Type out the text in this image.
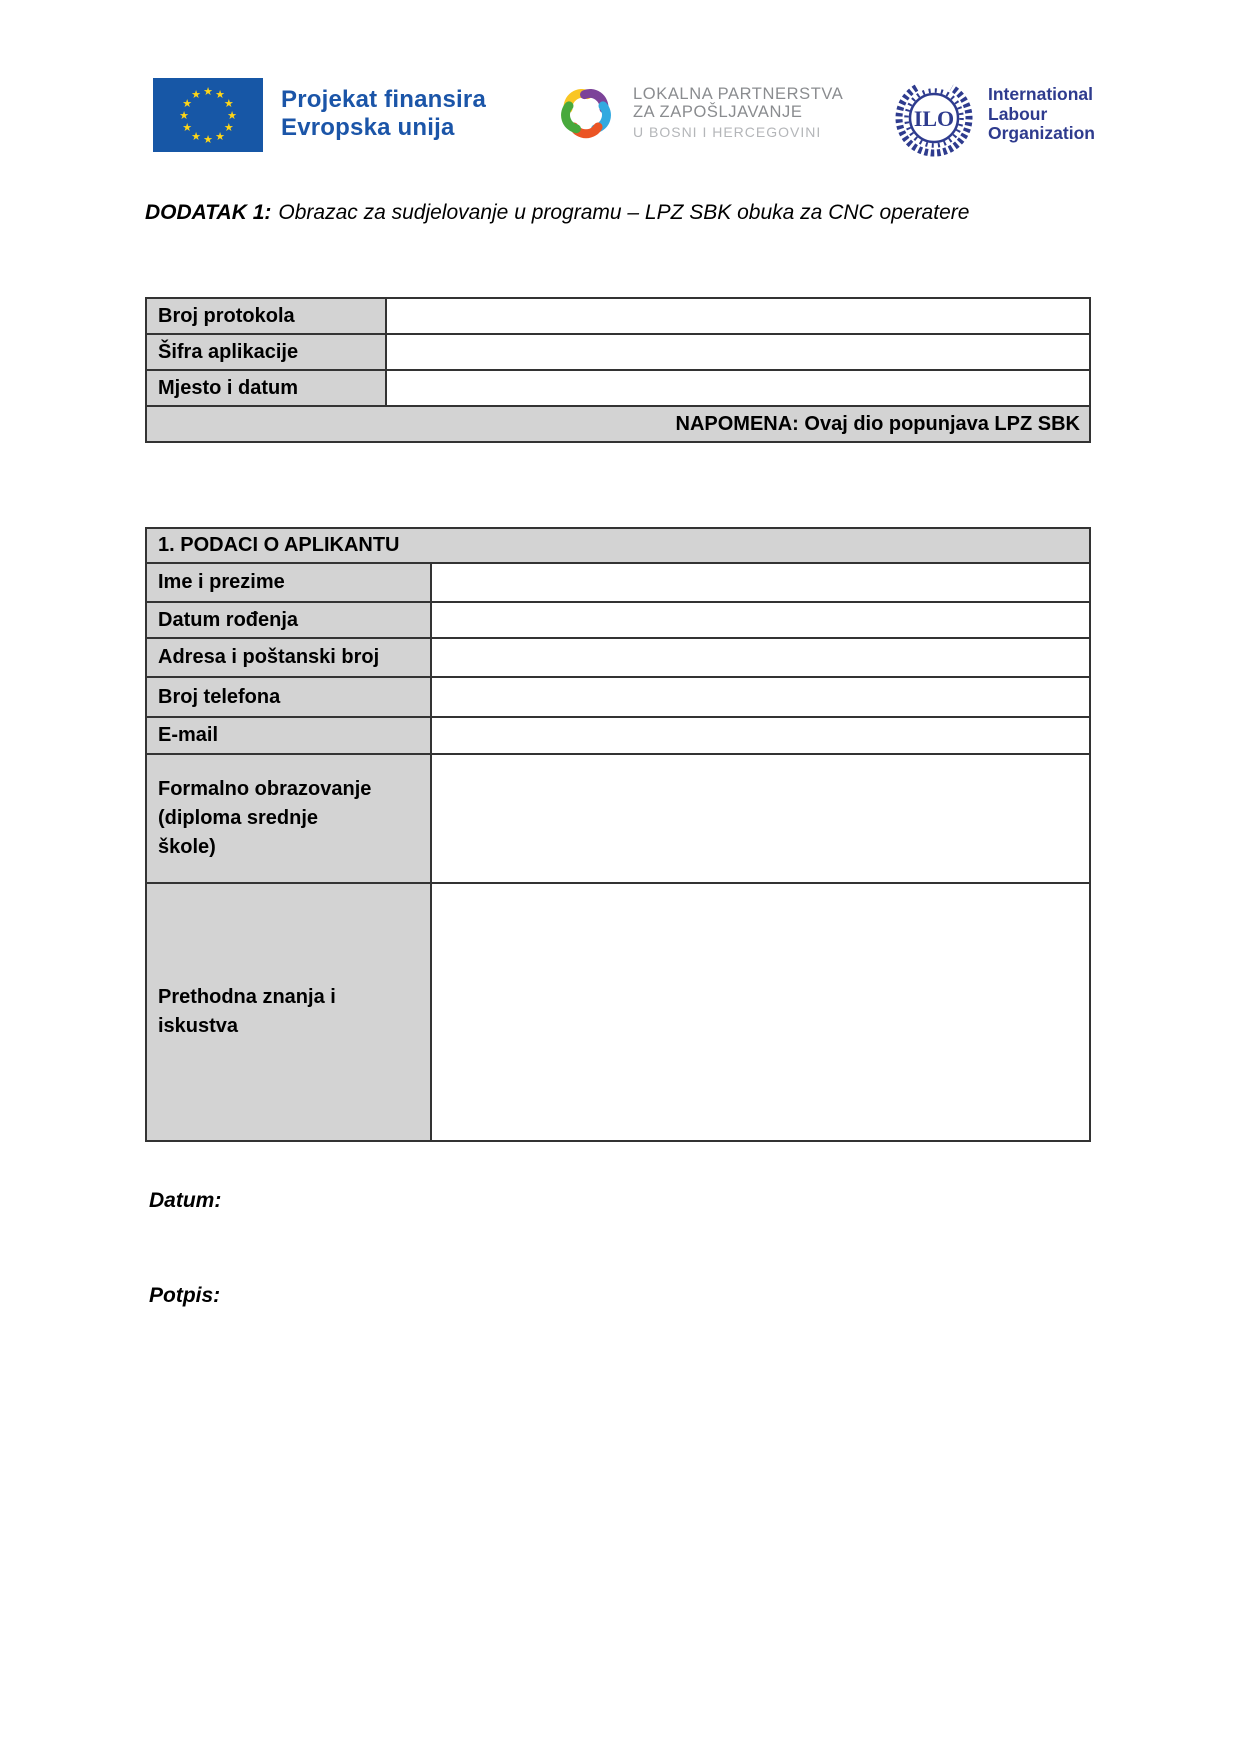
★ ★
★
★
★
★
★
★
★
★
★
★	Projekat finansira
Evropska unija
LOKALNA PARTNERSTVA
ZA ZAPOŠLJAVANJE
U BOSNI I HERCEGOVINI
ILO
International
Labour
Organization
DODATAK 1: Obrazac za sudjelovanje u programu – LPZ SBK obuka za CNC operatere
Broj protokola	
Šifra aplikacije	
Mjesto i datum	
NAPOMENA: Ovaj dio popunjava LPZ SBK	
1. PODACI O APLIKANTU	
Ime i prezime	
Datum rođenja	
Adresa i poštanski broj	
Broj telefona	
E-mail	
Formalno obrazovanje (diploma srednje škole)	
Prethodna znanja i iskustva	
Datum:
Potpis:
